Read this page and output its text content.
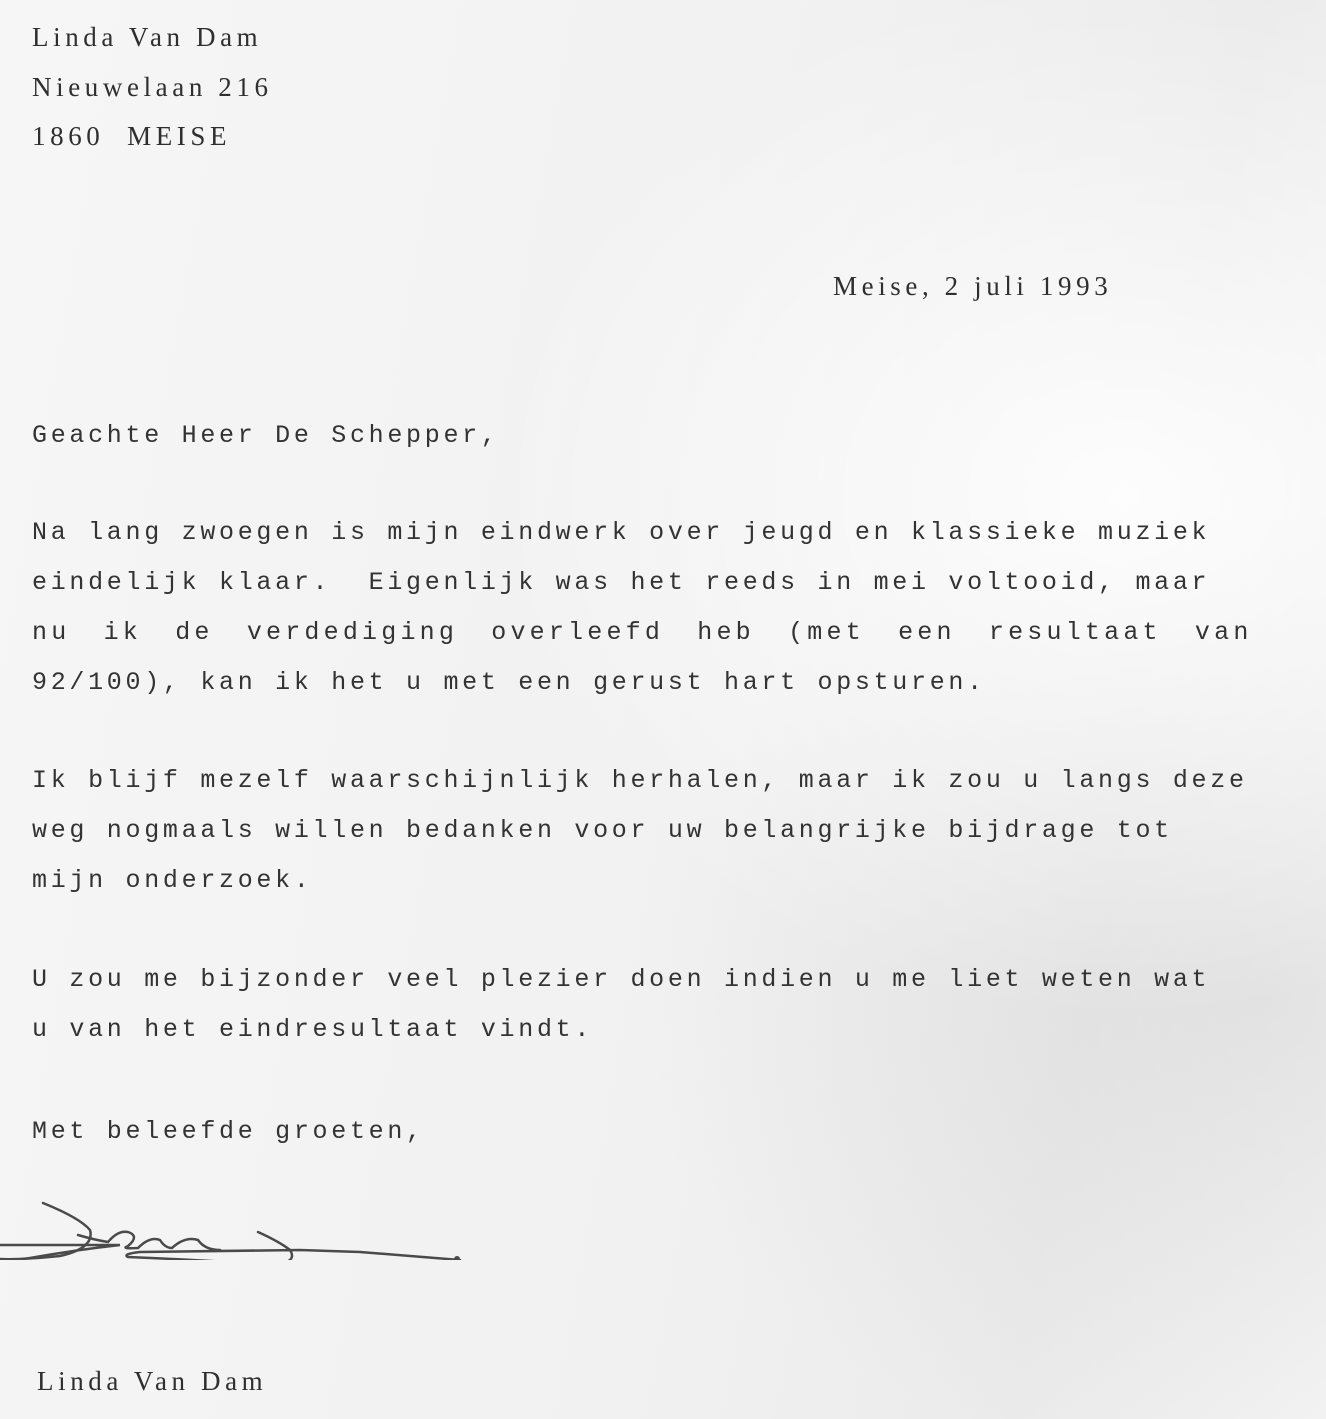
Linda Van Dam
Nieuwelaan 216
1860  MEISE
Meise, 2 juli 1993
Geachte Heer De Schepper,
Na lang zwoegen is mijn eindwerk over jeugd en klassieke muziek
eindelijk klaar.  Eigenlijk was het reeds in mei voltooid, maar
nu ik de verdediging overleefd heb (met een resultaat van
92/100), kan ik het u met een gerust hart opsturen.
Ik blijf mezelf waarschijnlijk herhalen, maar ik zou u langs deze
weg nogmaals willen bedanken voor uw belangrijke bijdrage tot
mijn onderzoek.
U zou me bijzonder veel plezier doen indien u me liet weten wat
u van het eindresultaat vindt.
Met beleefde groeten,
Linda Van Dam
